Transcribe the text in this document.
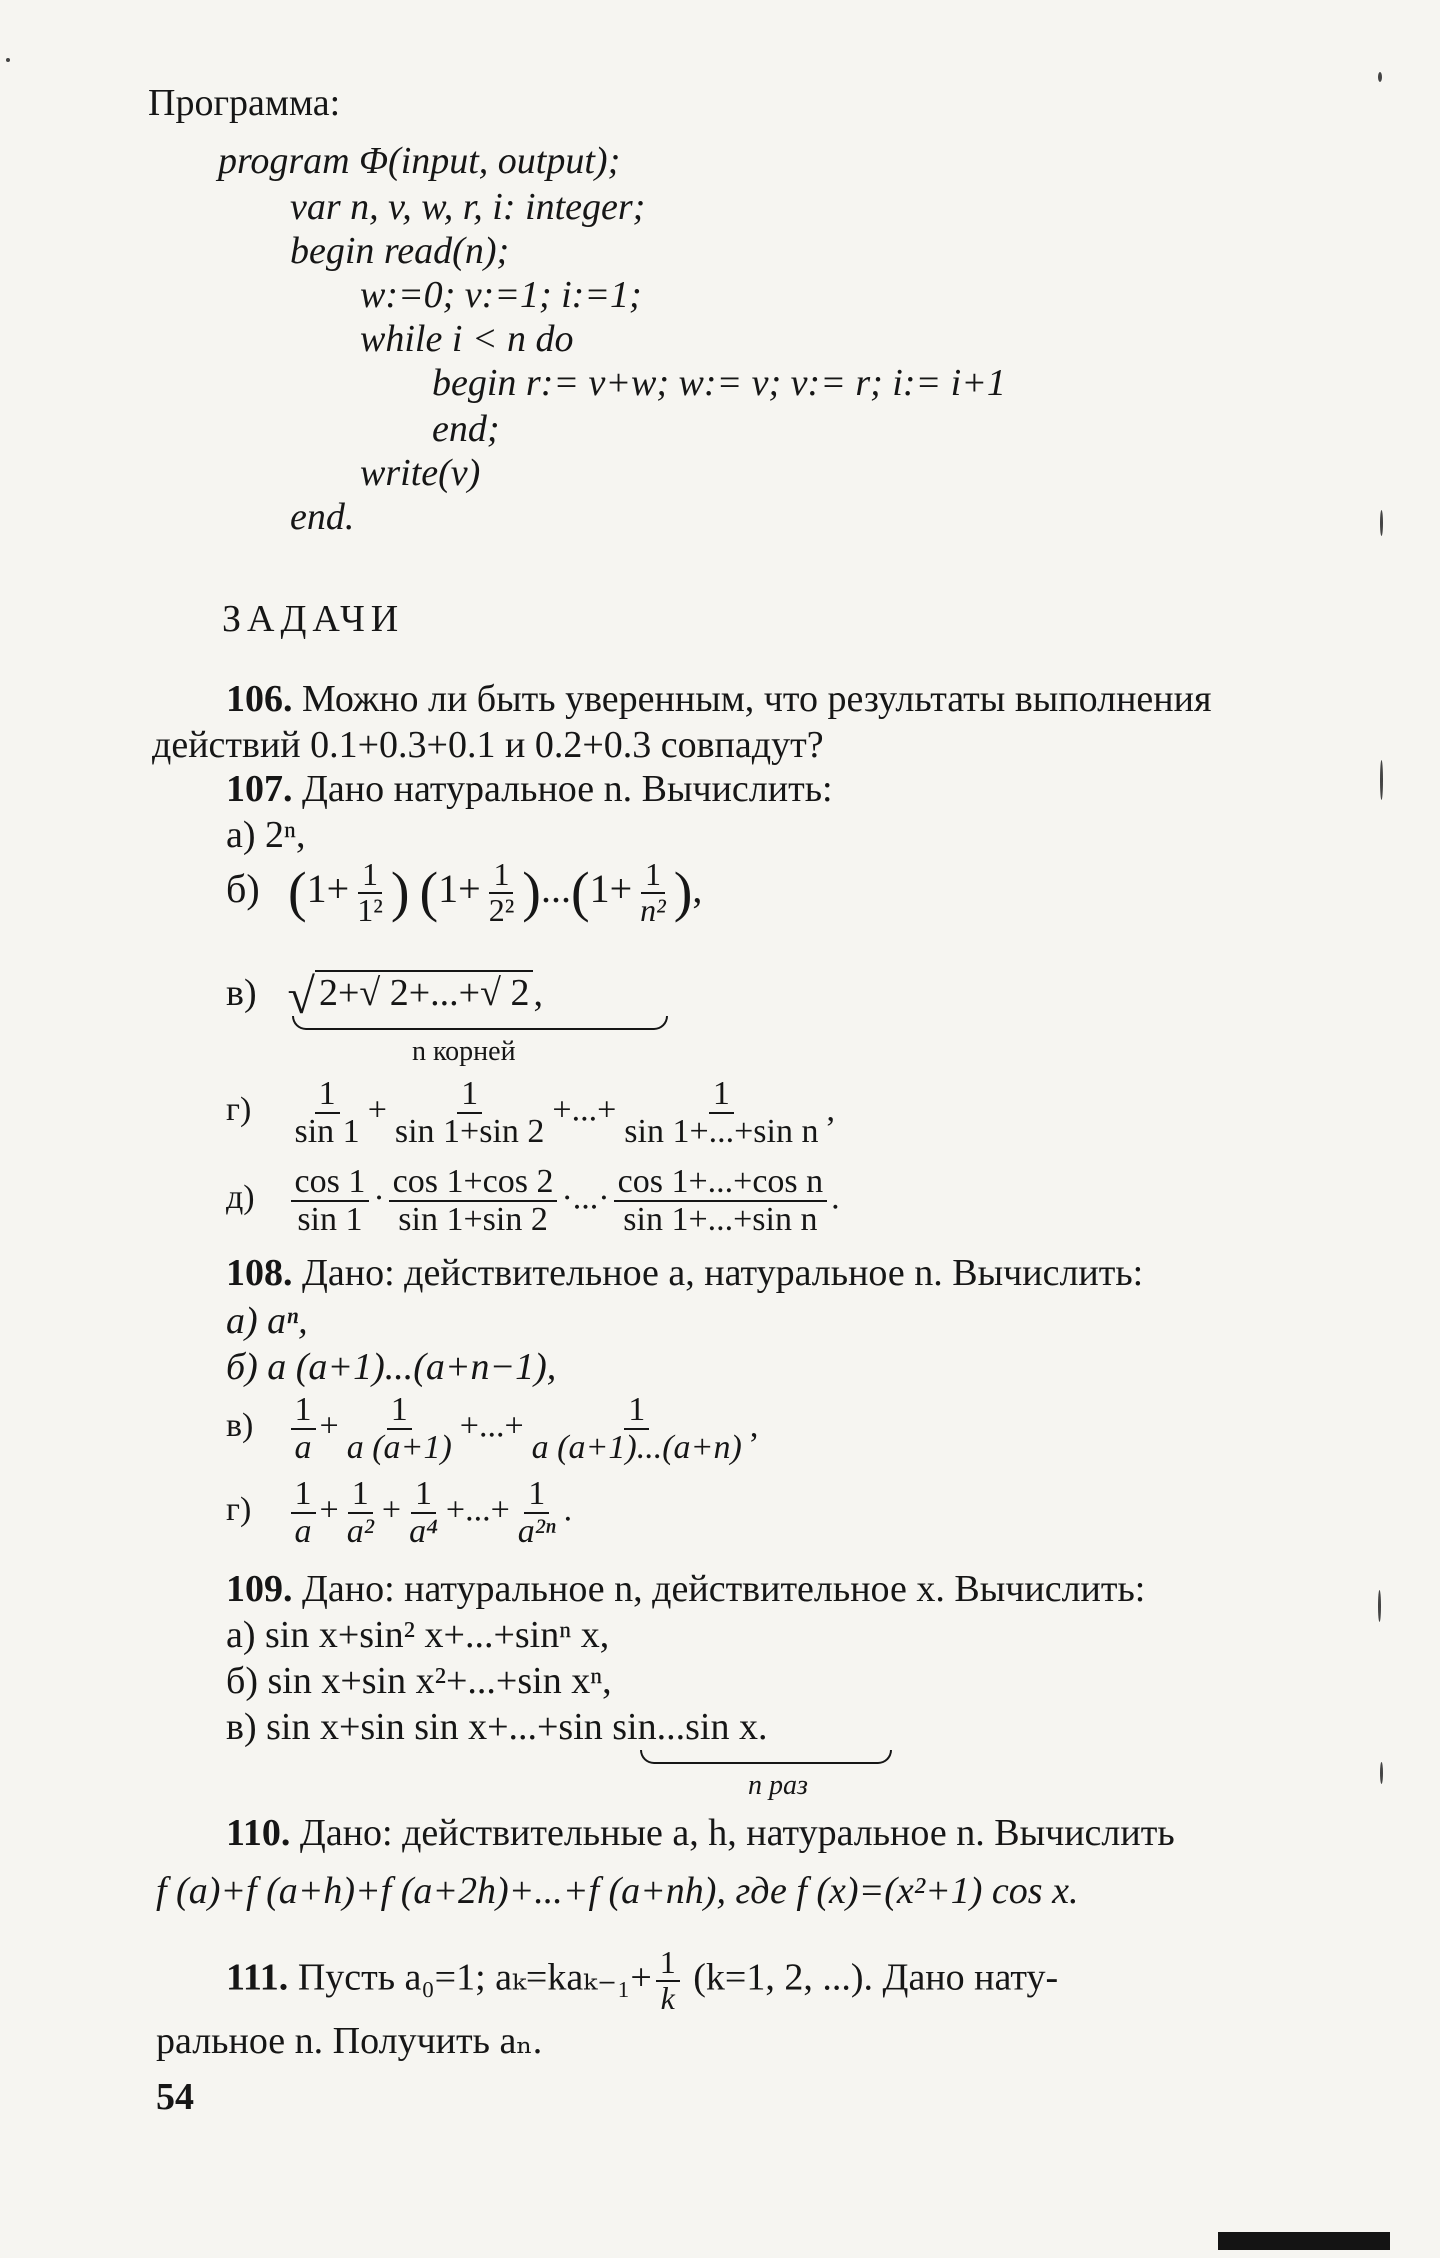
Программа:
program Φ(input, output);
var n, v, w, r, i: integer;
begin read(n);
w:=0; v:=1; i:=1;
while i < n do
begin r:= v+w; w:= v; v:= r; i:= i+1
end;
write(v)
end.
ЗАДАЧИ
106. Можно ли быть уверенным, что результаты выполнения
действий 0.1+0.3+0.1 и 0.2+0.3 совпадут?
107. Дано натуральное n. Вычислить:
а) 2ⁿ,
б) ($1+ \frac{1}{\text{1²}}$ ) $(1+ \frac{1}{\text{2²}} )...(1+ \frac{1}{\text{n²}}$ ),
в) √ 2+√ 2+...+√ 2 ,
n корней
$г) \frac{1}{\sin 1} + \frac{1}{\sin 1+\sin 2}$ +...+ $\frac{1}{\text{sin 1+...+sin n}}$ ,
$д) \frac{\cos 1}{\sin 1} \cdot \frac{\cos 1+\cos 2}{\sin 1+\sin 2}$ ·...· $\frac{\text{cos 1+...+cos n}}{\text{sin 1+...+sin n}}$ .
108. Дано: действительное a, натуральное n. Вычислить:
а) aⁿ,
б) a (a+1)...(a+n−1),
$в) \frac{1}{a} + \frac{1}{a (a+1)}$ +...+ $\frac{1}{a (a+1)...(a+n)}$ ,
$г) \frac{1}{a} + \frac{1}{\text{a²}} + \frac{1}{\text{a⁴}}$ +...+ $\frac{1}{\text{a²ⁿ}}$ .
109. Дано: натуральное n, действительное x. Вычислить:
а) sin x+sin² x+...+sinⁿ x,
б) sin x+sin x²+...+sin xⁿ,
в) sin x+sin sin x+...+sin sin...sin x.
n раз
110. Дано: действительные a, h, натуральное n. Вычислить
f (a)+f (a+h)+f (a+2h)+...+f (a+nh), где f (x)=(x²+1) cos x.
111. Пусть a₀=1; $a_k=ka_{k-1}+ \frac{1}{k} (k=1$, 2, ...). Дано нату-
ральное n. Получить aₙ.
54
